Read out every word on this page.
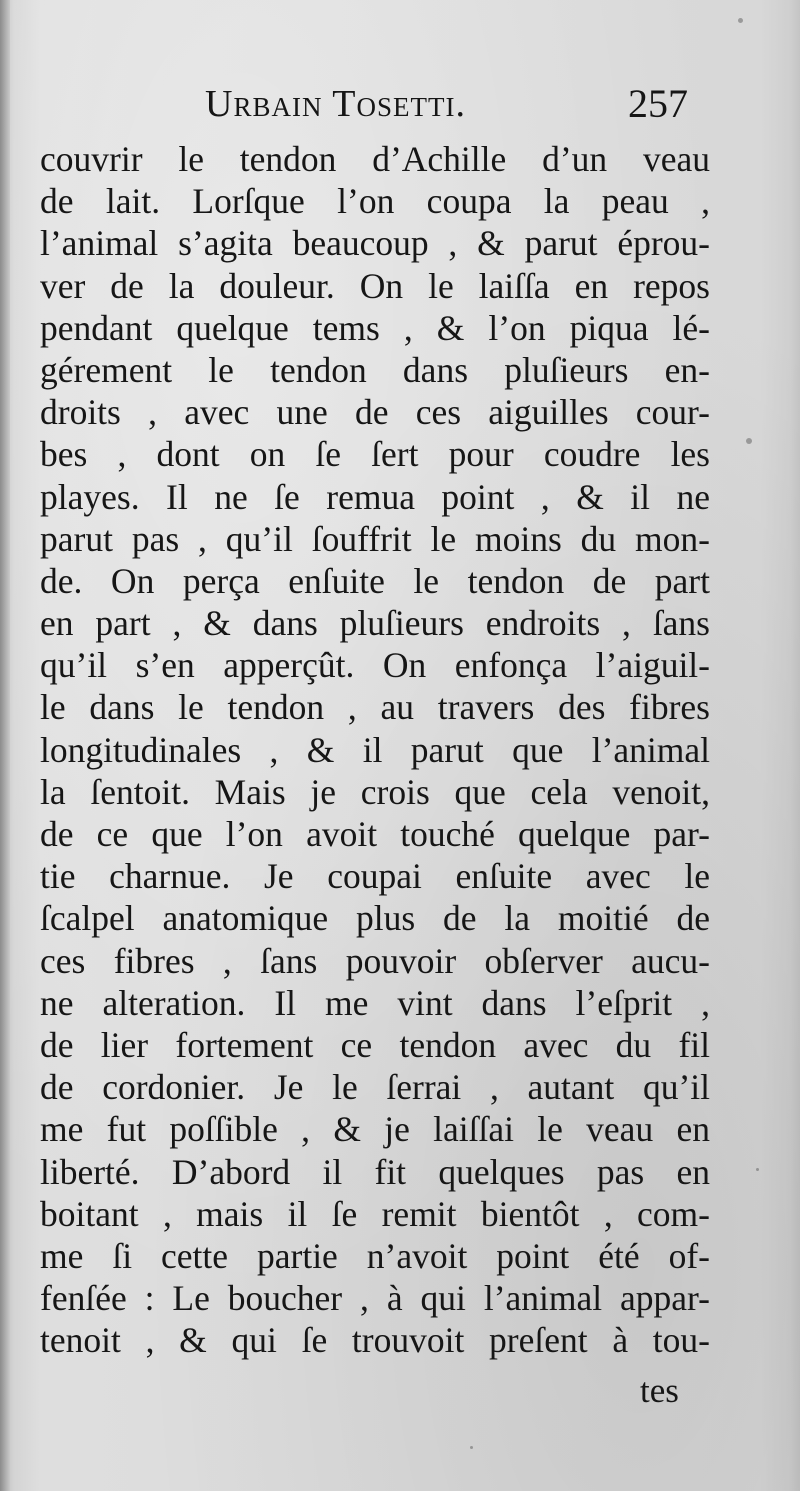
Urbain Tosetti.	257
couvrir le tendon d’Achille d’un veau
de lait. Lorſque l’on coupa la peau ,
l’animal s’agita beaucoup , & parut éprou-
ver de la douleur. On le laiſſa en repos
pendant quelque tems , & l’on piqua lé-
gérement le tendon dans pluſieurs en-
droits , avec une de ces aiguilles cour-
bes , dont on ſe ſert pour coudre les
playes. Il ne ſe remua point , & il ne
parut pas , qu’il ſouffrit le moins du mon-
de. On perça enſuite le tendon de part
en part , & dans pluſieurs endroits , ſans
qu’il s’en apperçût. On enfonça l’aiguil-
le dans le tendon , au travers des fibres
longitudinales , & il parut que l’animal
la ſentoit. Mais je crois que cela venoit,
de ce que l’on avoit touché quelque par-
tie charnue. Je coupai enſuite avec le
ſcalpel anatomique plus de la moitié de
ces fibres , ſans pouvoir obſerver aucu-
ne alteration. Il me vint dans l’eſprit ,
de lier fortement ce tendon avec du fil
de cordonier. Je le ſerrai , autant qu’il
me fut poſſible , & je laiſſai le veau en
liberté. D’abord il fit quelques pas en
boitant , mais il ſe remit bientôt , com-
me ſi cette partie n’avoit point été of-
fenſée : Le boucher , à qui l’animal appar-
tenoit , & qui ſe trouvoit preſent à tou-
tes
